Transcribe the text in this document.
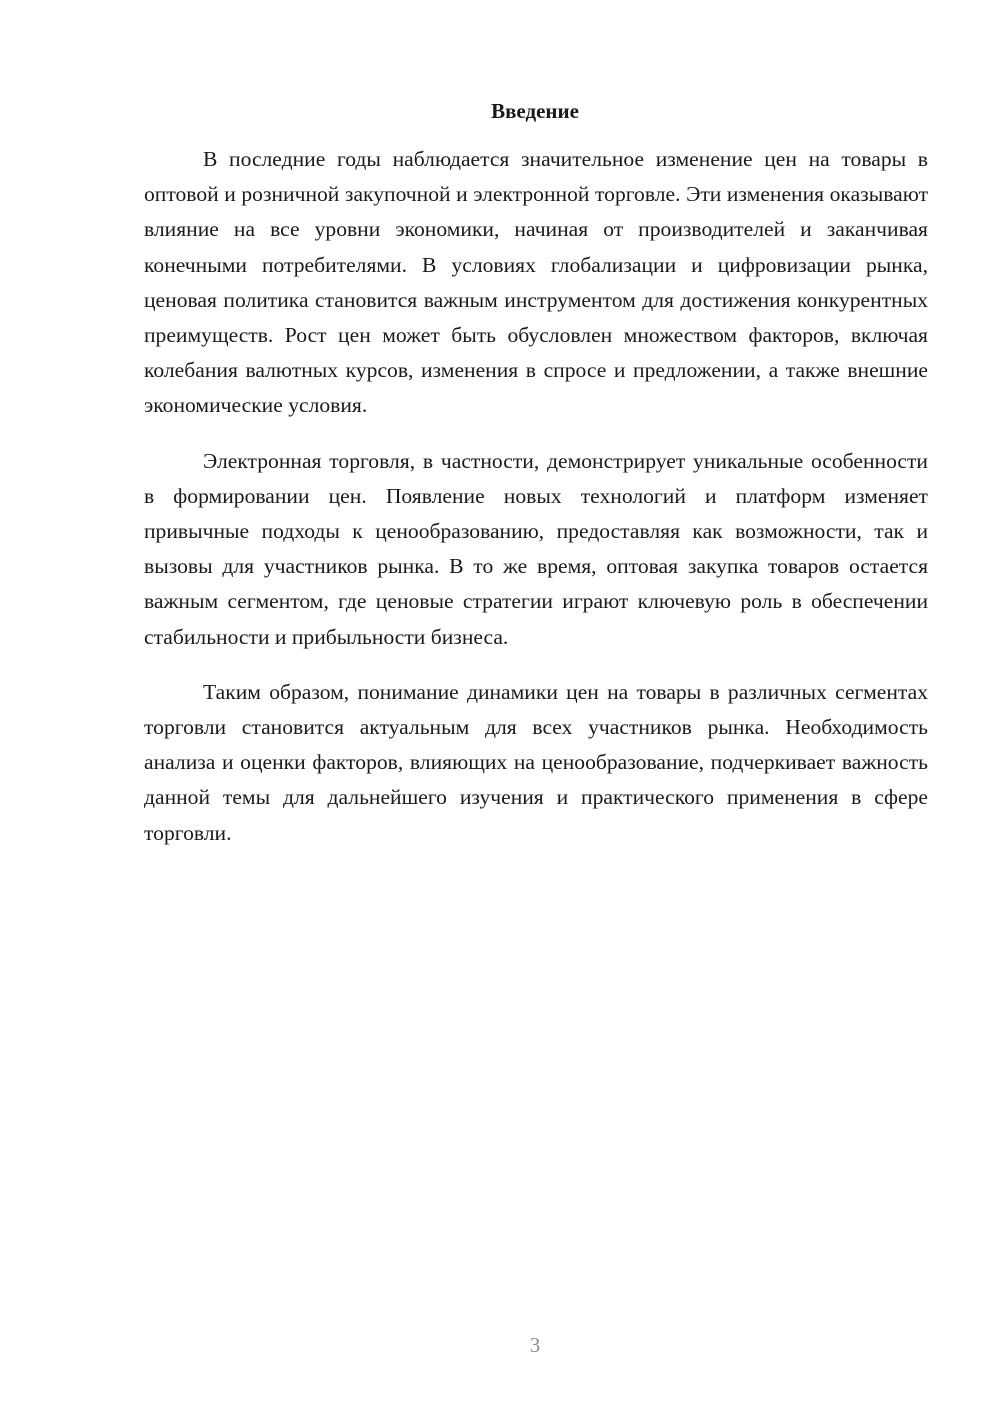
Введение

В последние годы наблюдается значительное изменение цен на товары в оптовой и розничной закупочной и электронной торговле. Эти изменения оказывают влияние на все уровни экономики, начиная от производителей и заканчивая конечными потребителями. В условиях глобализации и цифровизации рынка, ценовая политика становится важным инструментом для достижения конкурентных преимуществ. Рост цен может быть обусловлен множеством факторов, включая колебания валютных курсов, изменения в спросе и предложении, а также внешние экономические условия.

Электронная торговля, в частности, демонстрирует уникальные особенности в формировании цен. Появление новых технологий и платформ изменяет привычные подходы к ценообразованию, предоставляя как возможности, так и вызовы для участников рынка. В то же время, оптовая закупка товаров остается важным сегментом, где ценовые стратегии играют ключевую роль в обеспечении стабильности и прибыльности бизнеса.

Таким образом, понимание динамики цен на товары в различных сегментах торговли становится актуальным для всех участников рынка. Необходимость анализа и оценки факторов, влияющих на ценообразование, подчеркивает важность данной темы для дальнейшего изучения и практического применения в сфере торговли.

3
